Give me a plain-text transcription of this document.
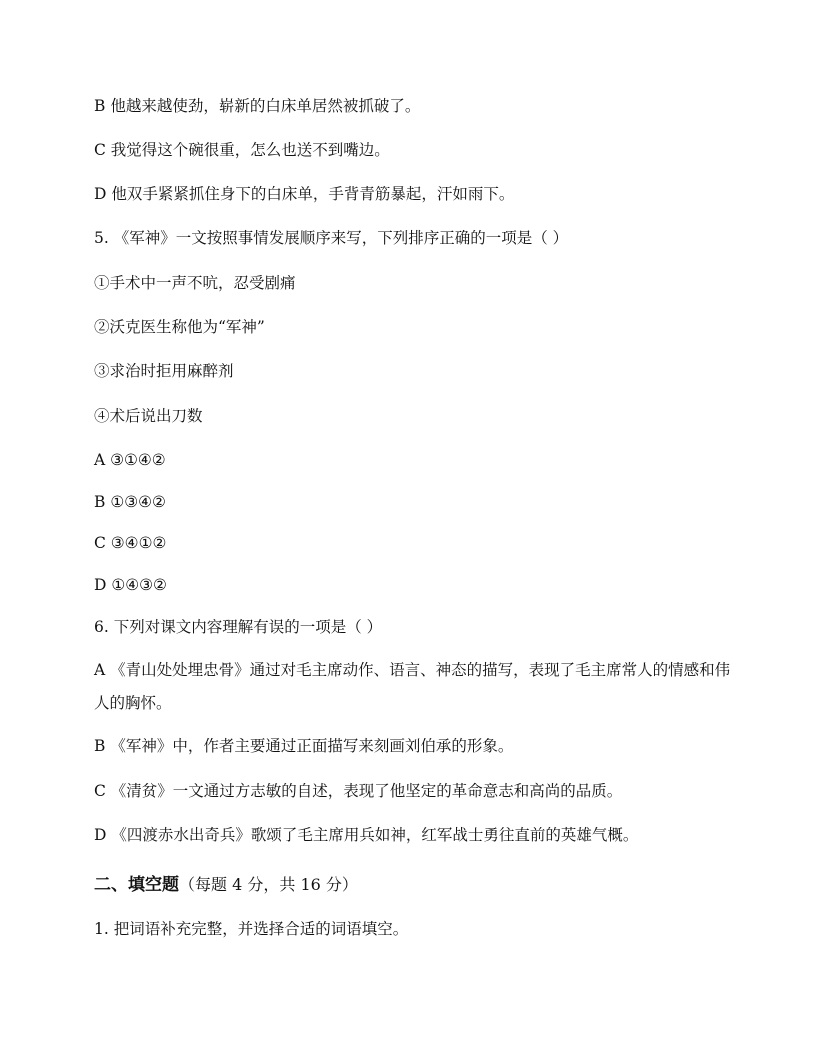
B 他越来越使劲，崭新的白床单居然被抓破了。
C 我觉得这个碗很重，怎么也送不到嘴边。
D 他双手紧紧抓住身下的白床单，手背青筋暴起，汗如雨下。
5. 《军神》一文按照事情发展顺序来写，下列排序正确的一项是（ ）
①手术中一声不吭，忍受剧痛
②沃克医生称他为“军神”
③求治时拒用麻醉剂
④术后说出刀数
A ③①④②
B ①③④②
C ③④①②
D ①④③②
6. 下列对课文内容理解有误的一项是（ ）
A 《青山处处埋忠骨》通过对毛主席动作、语言、神态的描写，表现了毛主席常人的情感和伟人的胸怀。
B 《军神》中，作者主要通过正面描写来刻画刘伯承的形象。
C 《清贫》一文通过方志敏的自述，表现了他坚定的革命意志和高尚的品质。
D 《四渡赤水出奇兵》歌颂了毛主席用兵如神，红军战士勇往直前的英雄气概。
二、填空题（每题 4 分，共 16 分）
1. 把词语补充完整，并选择合适的词语填空。
